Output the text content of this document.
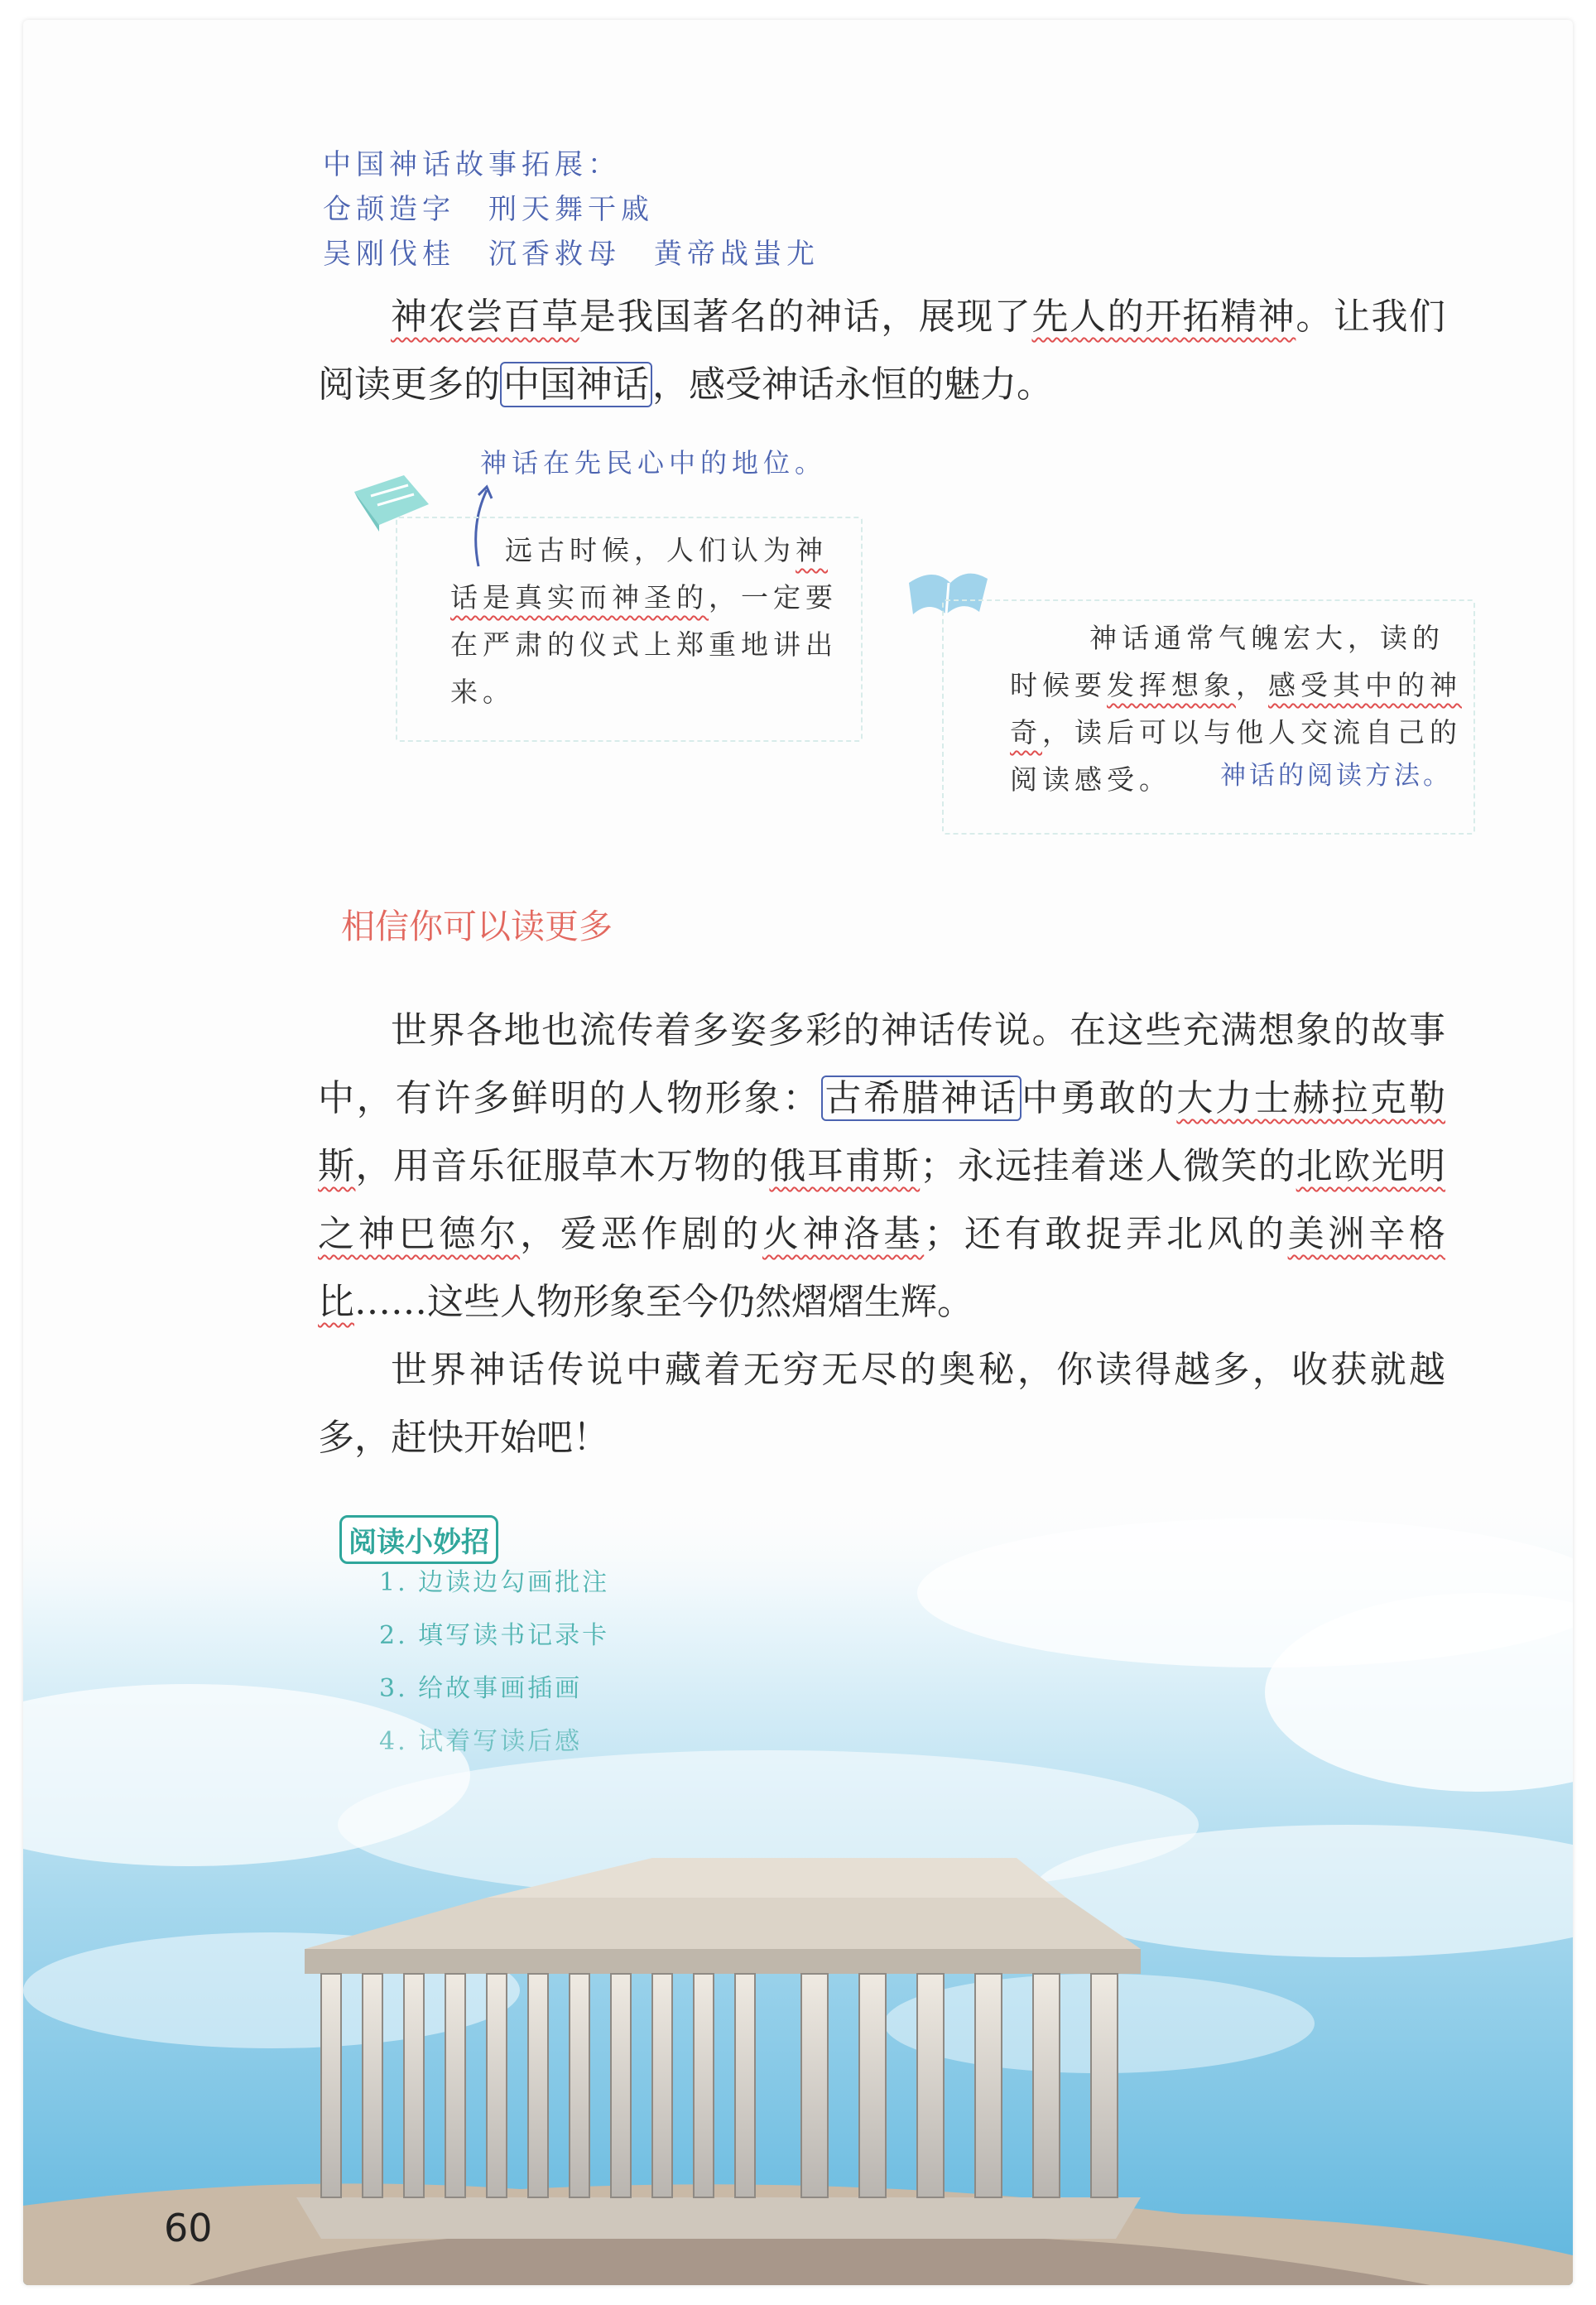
中国神话故事拓展：
仓颉造字　刑天舞干戚
吴刚伐桂　沉香救母　黄帝战蚩尤

神农尝百草是我国著名的神话，展现了先人的开拓精神。让我们阅读更多的中国神话，感受神话永恒的魅力。

神话在先民心中的地位。
远古时候，人们认为神话是真实而神圣的，一定要在严肃的仪式上郑重地讲出来。
神话通常气魄宏大，读的时候要发挥想象，感受其中的神奇，读后可以与他人交流自己的阅读感受。	神话的阅读方法。
相信你可以读更多

世界各地也流传着多姿多彩的神话传说。在这些充满想象的故事中，有许多鲜明的人物形象：古希腊神话中勇敢的大力士赫拉克勒斯，用音乐征服草木万物的俄耳甫斯；永远挂着迷人微笑的北欧光明之神巴德尔，爱恶作剧的火神洛基；还有敢捉弄北风的美洲辛格比……这些人物形象至今仍然熠熠生辉。

世界神话传说中藏着无穷无尽的奥秘，你读得越多，收获就越多，赶快开始吧！

阅读小妙招
1. 边读边勾画批注
2. 填写读书记录卡
3. 给故事画插画
4. 试着写读后感
60
